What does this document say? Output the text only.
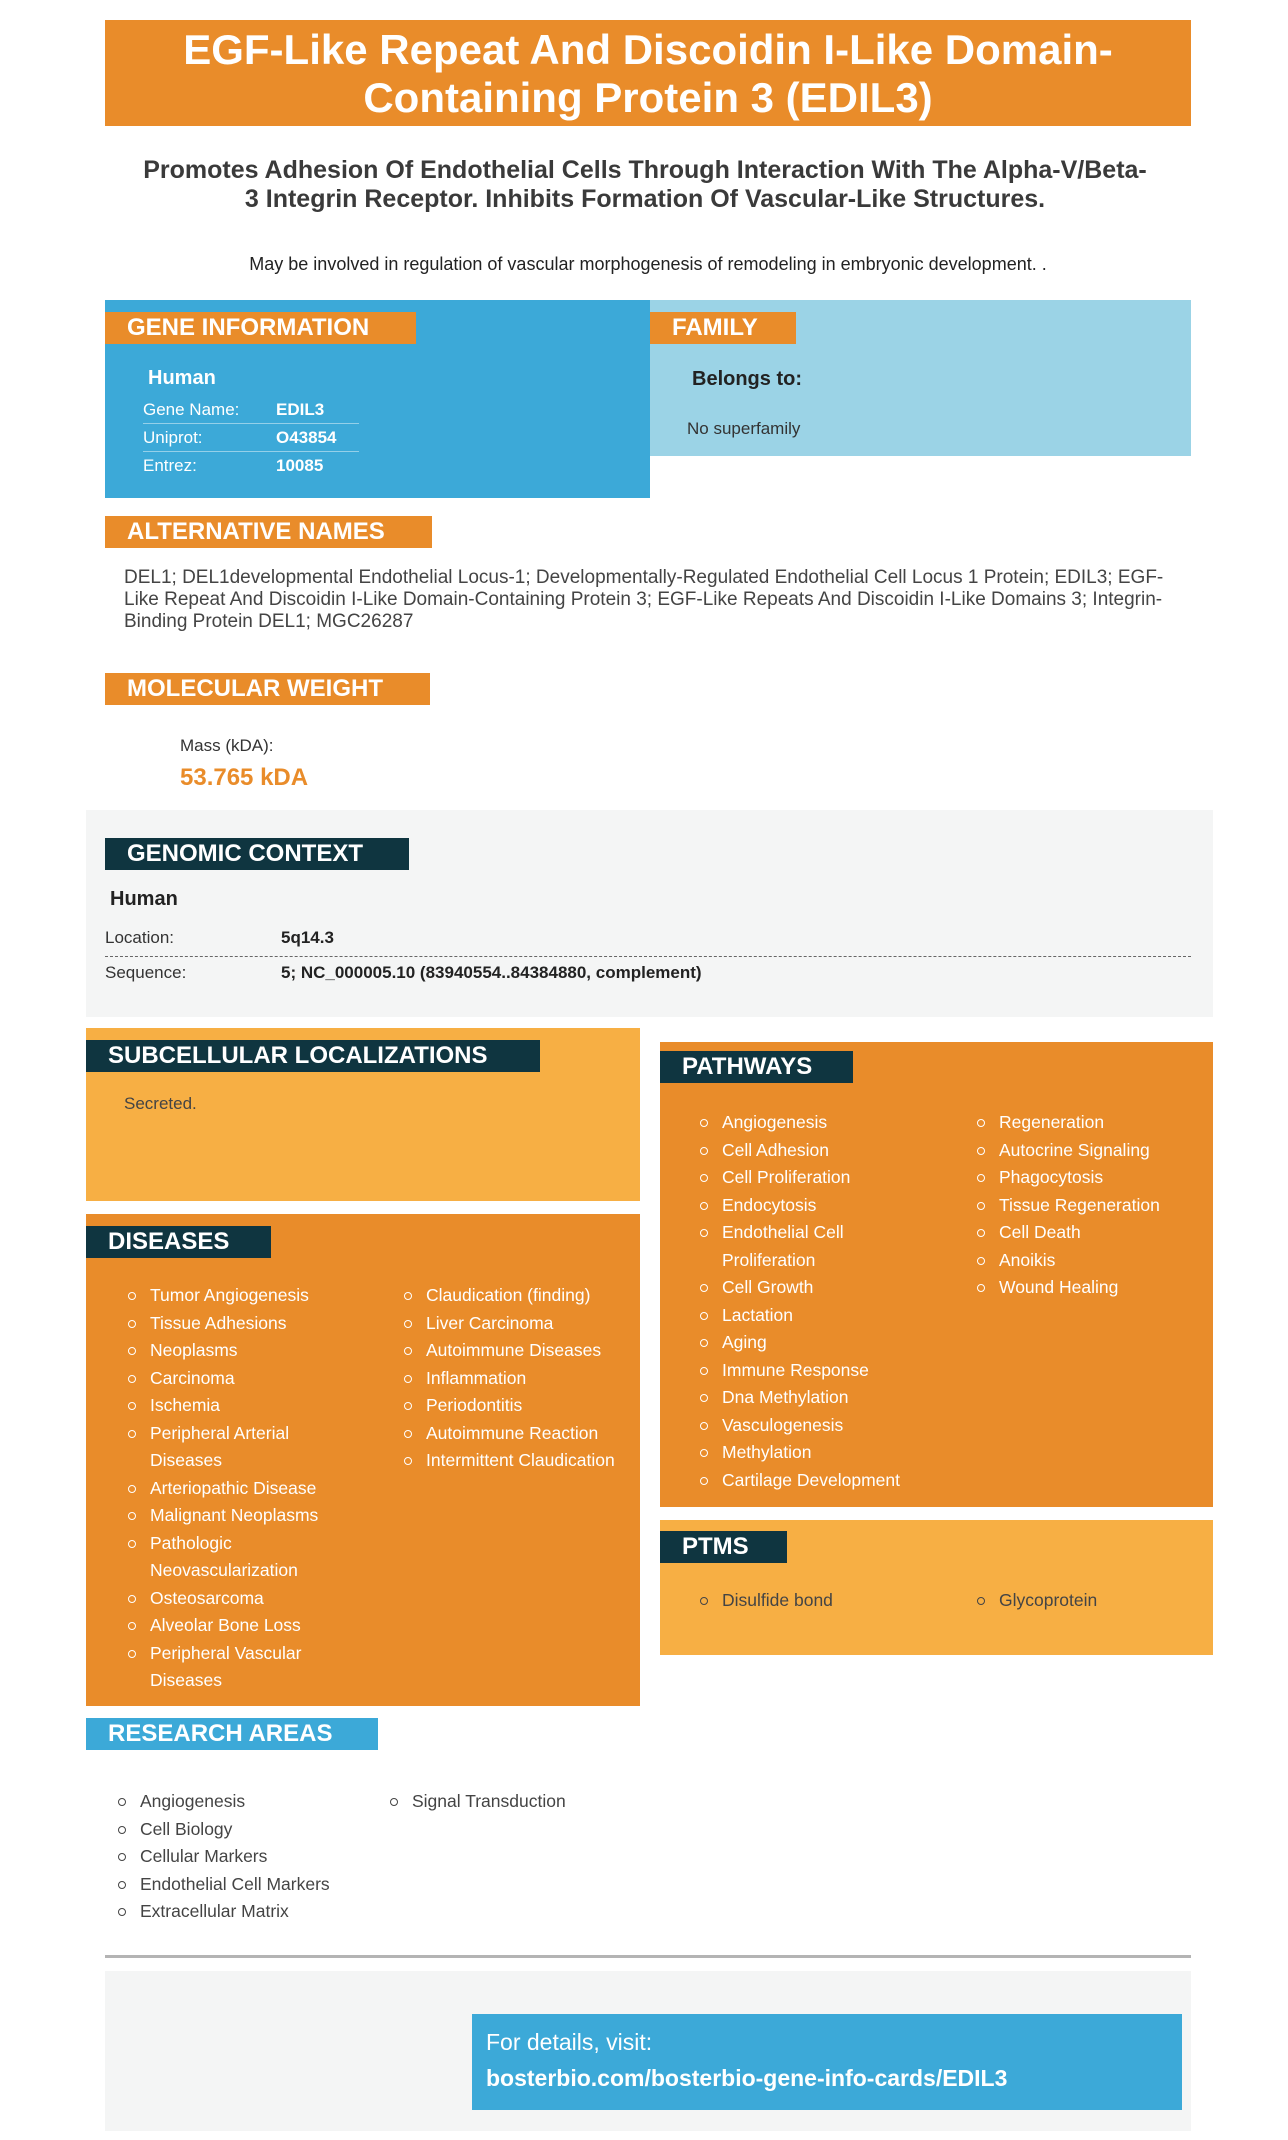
EGF-Like Repeat And Discoidin I-Like Domain-Containing Protein 3 (EDIL3)
Promotes Adhesion Of Endothelial Cells Through Interaction With The Alpha-V/Beta-3 Integrin Receptor. Inhibits Formation Of Vascular-Like Structures.
May be involved in regulation of vascular morphogenesis of remodeling in embryonic development. .
GENE INFORMATION
Human
Gene Name: EDIL3
Uniprot:	O43854
Entrez:	10085
FAMILY
Belongs to:
No superfamily
ALTERNATIVE NAMES
DEL1; DEL1developmental Endothelial Locus-1; Developmentally-Regulated Endothelial Cell Locus 1 Protein; EDIL3; EGF-Like Repeat And Discoidin I-Like Domain-Containing Protein 3; EGF-Like Repeats And Discoidin I-Like Domains 3; Integrin-Binding Protein DEL1; MGC26287
MOLECULAR WEIGHT
Mass (kDA):
53.765 kDA
GENOMIC CONTEXT
Human
Location:	5q14.3
Sequence:	5; NC_000005.10 (83940554..84384880, complement)
SUBCELLULAR LOCALIZATIONS
Secreted.
DISEASES
Tumor Angiogenesis
Tissue Adhesions
Neoplasms
Carcinoma
Ischemia
Peripheral Arterial Diseases
Arteriopathic Disease
Malignant Neoplasms
Pathologic Neovascularization
Osteosarcoma
Alveolar Bone Loss
Peripheral Vascular Diseases
Claudication (finding)
Liver Carcinoma
Autoimmune Diseases
Inflammation
Periodontitis
Autoimmune Reaction
Intermittent Claudication
PATHWAYS
Angiogenesis
Cell Adhesion
Cell Proliferation
Endocytosis
Endothelial Cell Proliferation
Cell Growth
Lactation
Aging
Immune Response
Dna Methylation
Vasculogenesis
Methylation
Cartilage Development
Regeneration
Autocrine Signaling
Phagocytosis
Tissue Regeneration
Cell Death
Anoikis
Wound Healing
PTMS
Disulfide bond	Glycoprotein
RESEARCH AREAS
Angiogenesis
Cell Biology
Cellular Markers
Endothelial Cell Markers
Extracellular Matrix
Signal Transduction
For details, visit:
bosterbio.com/bosterbio-gene-info-cards/EDIL3
